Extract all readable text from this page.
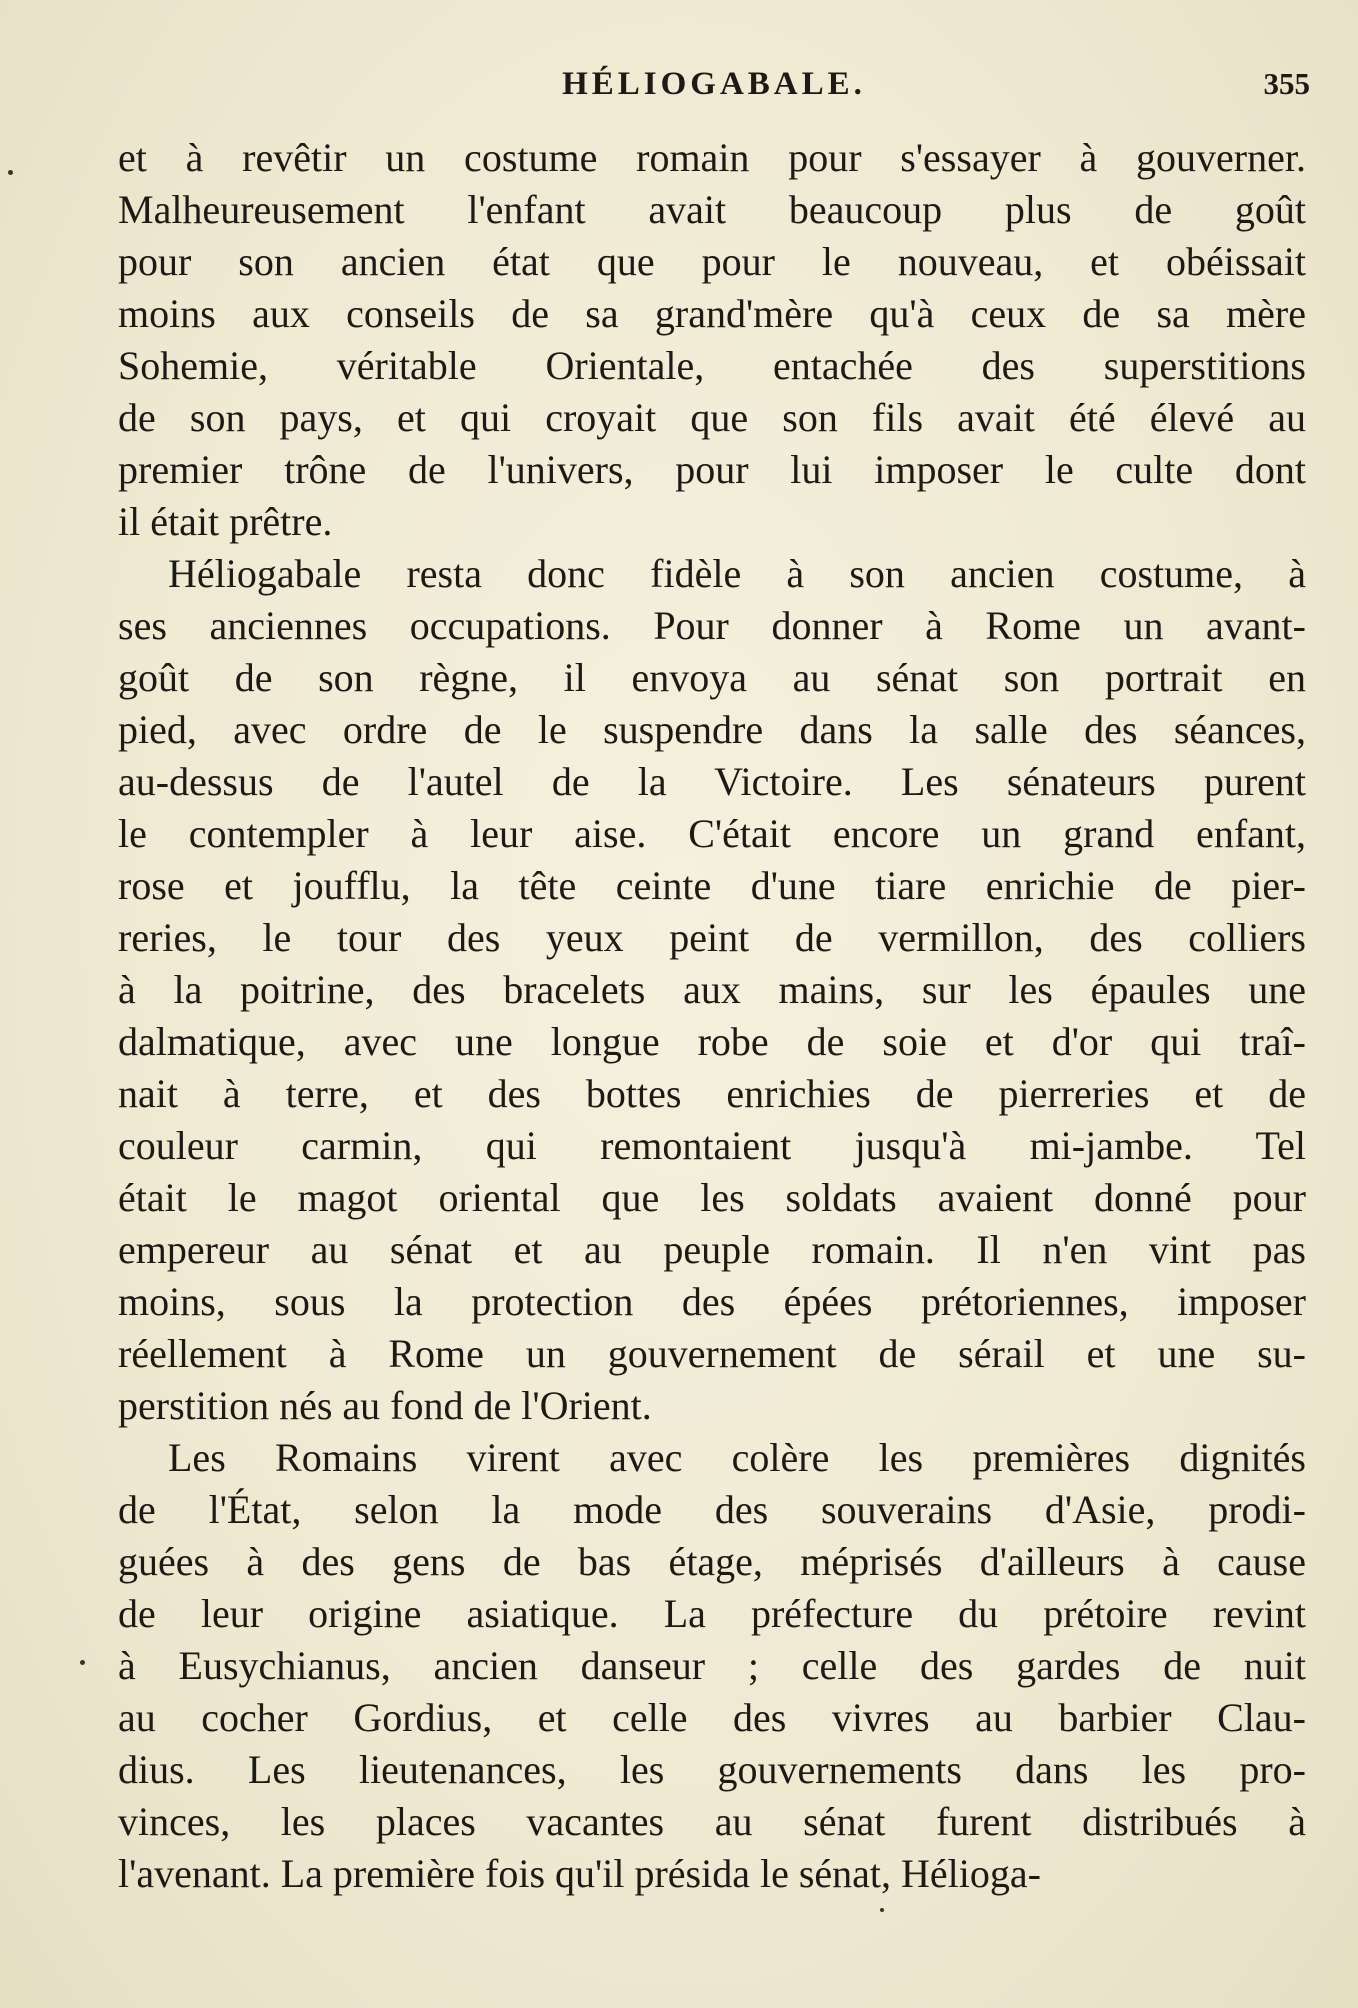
HÉLIOGABALE.	355
et à revêtir un costume romain pour s'essayer à gouverner.
Malheureusement l'enfant avait beaucoup plus de goût
pour son ancien état que pour le nouveau, et obéissait
moins aux conseils de sa grand'mère qu'à ceux de sa mère
Sohemie, véritable Orientale, entachée des superstitions
de son pays, et qui croyait que son fils avait été élevé au
premier trône de l'univers, pour lui imposer le culte dont
il était prêtre.
Héliogabale resta donc fidèle à son ancien costume, à
ses anciennes occupations. Pour donner à Rome un avant-
goût de son règne, il envoya au sénat son portrait en
pied, avec ordre de le suspendre dans la salle des séances,
au-dessus de l'autel de la Victoire. Les sénateurs purent
le contempler à leur aise. C'était encore un grand enfant,
rose et joufflu, la tête ceinte d'une tiare enrichie de pier-
reries, le tour des yeux peint de vermillon, des colliers
à la poitrine, des bracelets aux mains, sur les épaules une
dalmatique, avec une longue robe de soie et d'or qui traî-
nait à terre, et des bottes enrichies de pierreries et de
couleur carmin, qui remontaient jusqu'à mi-jambe. Tel
était le magot oriental que les soldats avaient donné pour
empereur au sénat et au peuple romain. Il n'en vint pas
moins, sous la protection des épées prétoriennes, imposer
réellement à Rome un gouvernement de sérail et une su-
perstition nés au fond de l'Orient.
Les Romains virent avec colère les premières dignités
de l'État, selon la mode des souverains d'Asie, prodi-
guées à des gens de bas étage, méprisés d'ailleurs à cause
de leur origine asiatique. La préfecture du prétoire revint
à Eusychianus, ancien danseur ; celle des gardes de nuit
au cocher Gordius, et celle des vivres au barbier Clau-
dius. Les lieutenances, les gouvernements dans les pro-
vinces, les places vacantes au sénat furent distribués à
l'avenant. La première fois qu'il présida le sénat, Hélioga-
